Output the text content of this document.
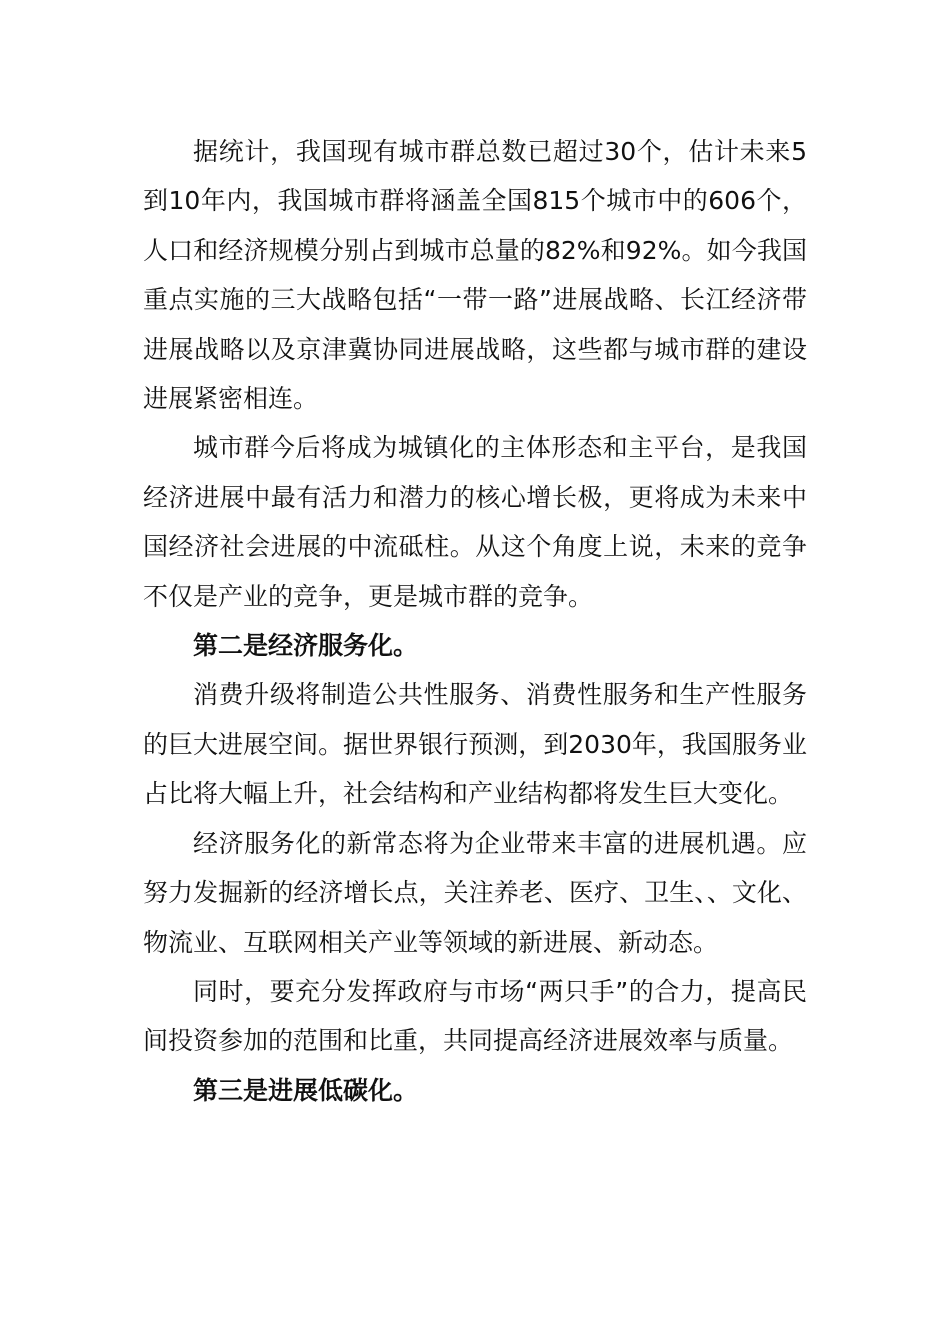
据统计，我国现有城市群总数已超过30个，估计未来5到10年内，我国城市群将涵盖全国815个城市中的606个，人口和经济规模分别占到城市总量的82%和92%。如今我国重点实施的三大战略包括“一带一路”进展战略、长江经济带进展战略以及京津冀协同进展战略，这些都与城市群的建设进展紧密相连。

城市群今后将成为城镇化的主体形态和主平台，是我国经济进展中最有活力和潜力的核心增长极，更将成为未来中国经济社会进展的中流砥柱。从这个角度上说，未来的竞争不仅是产业的竞争，更是城市群的竞争。

第二是经济服务化。

消费升级将制造公共性服务、消费性服务和生产性服务的巨大进展空间。据世界银行预测，到2030年，我国服务业占比将大幅上升，社会结构和产业结构都将发生巨大变化。

经济服务化的新常态将为企业带来丰富的进展机遇。应努力发掘新的经济增长点，关注养老、医疗、卫生、、文化、物流业、互联网相关产业等领域的新进展、新动态。

同时，要充分发挥政府与市场“两只手”的合力，提高民间投资参加的范围和比重，共同提高经济进展效率与质量。

第三是进展低碳化。
